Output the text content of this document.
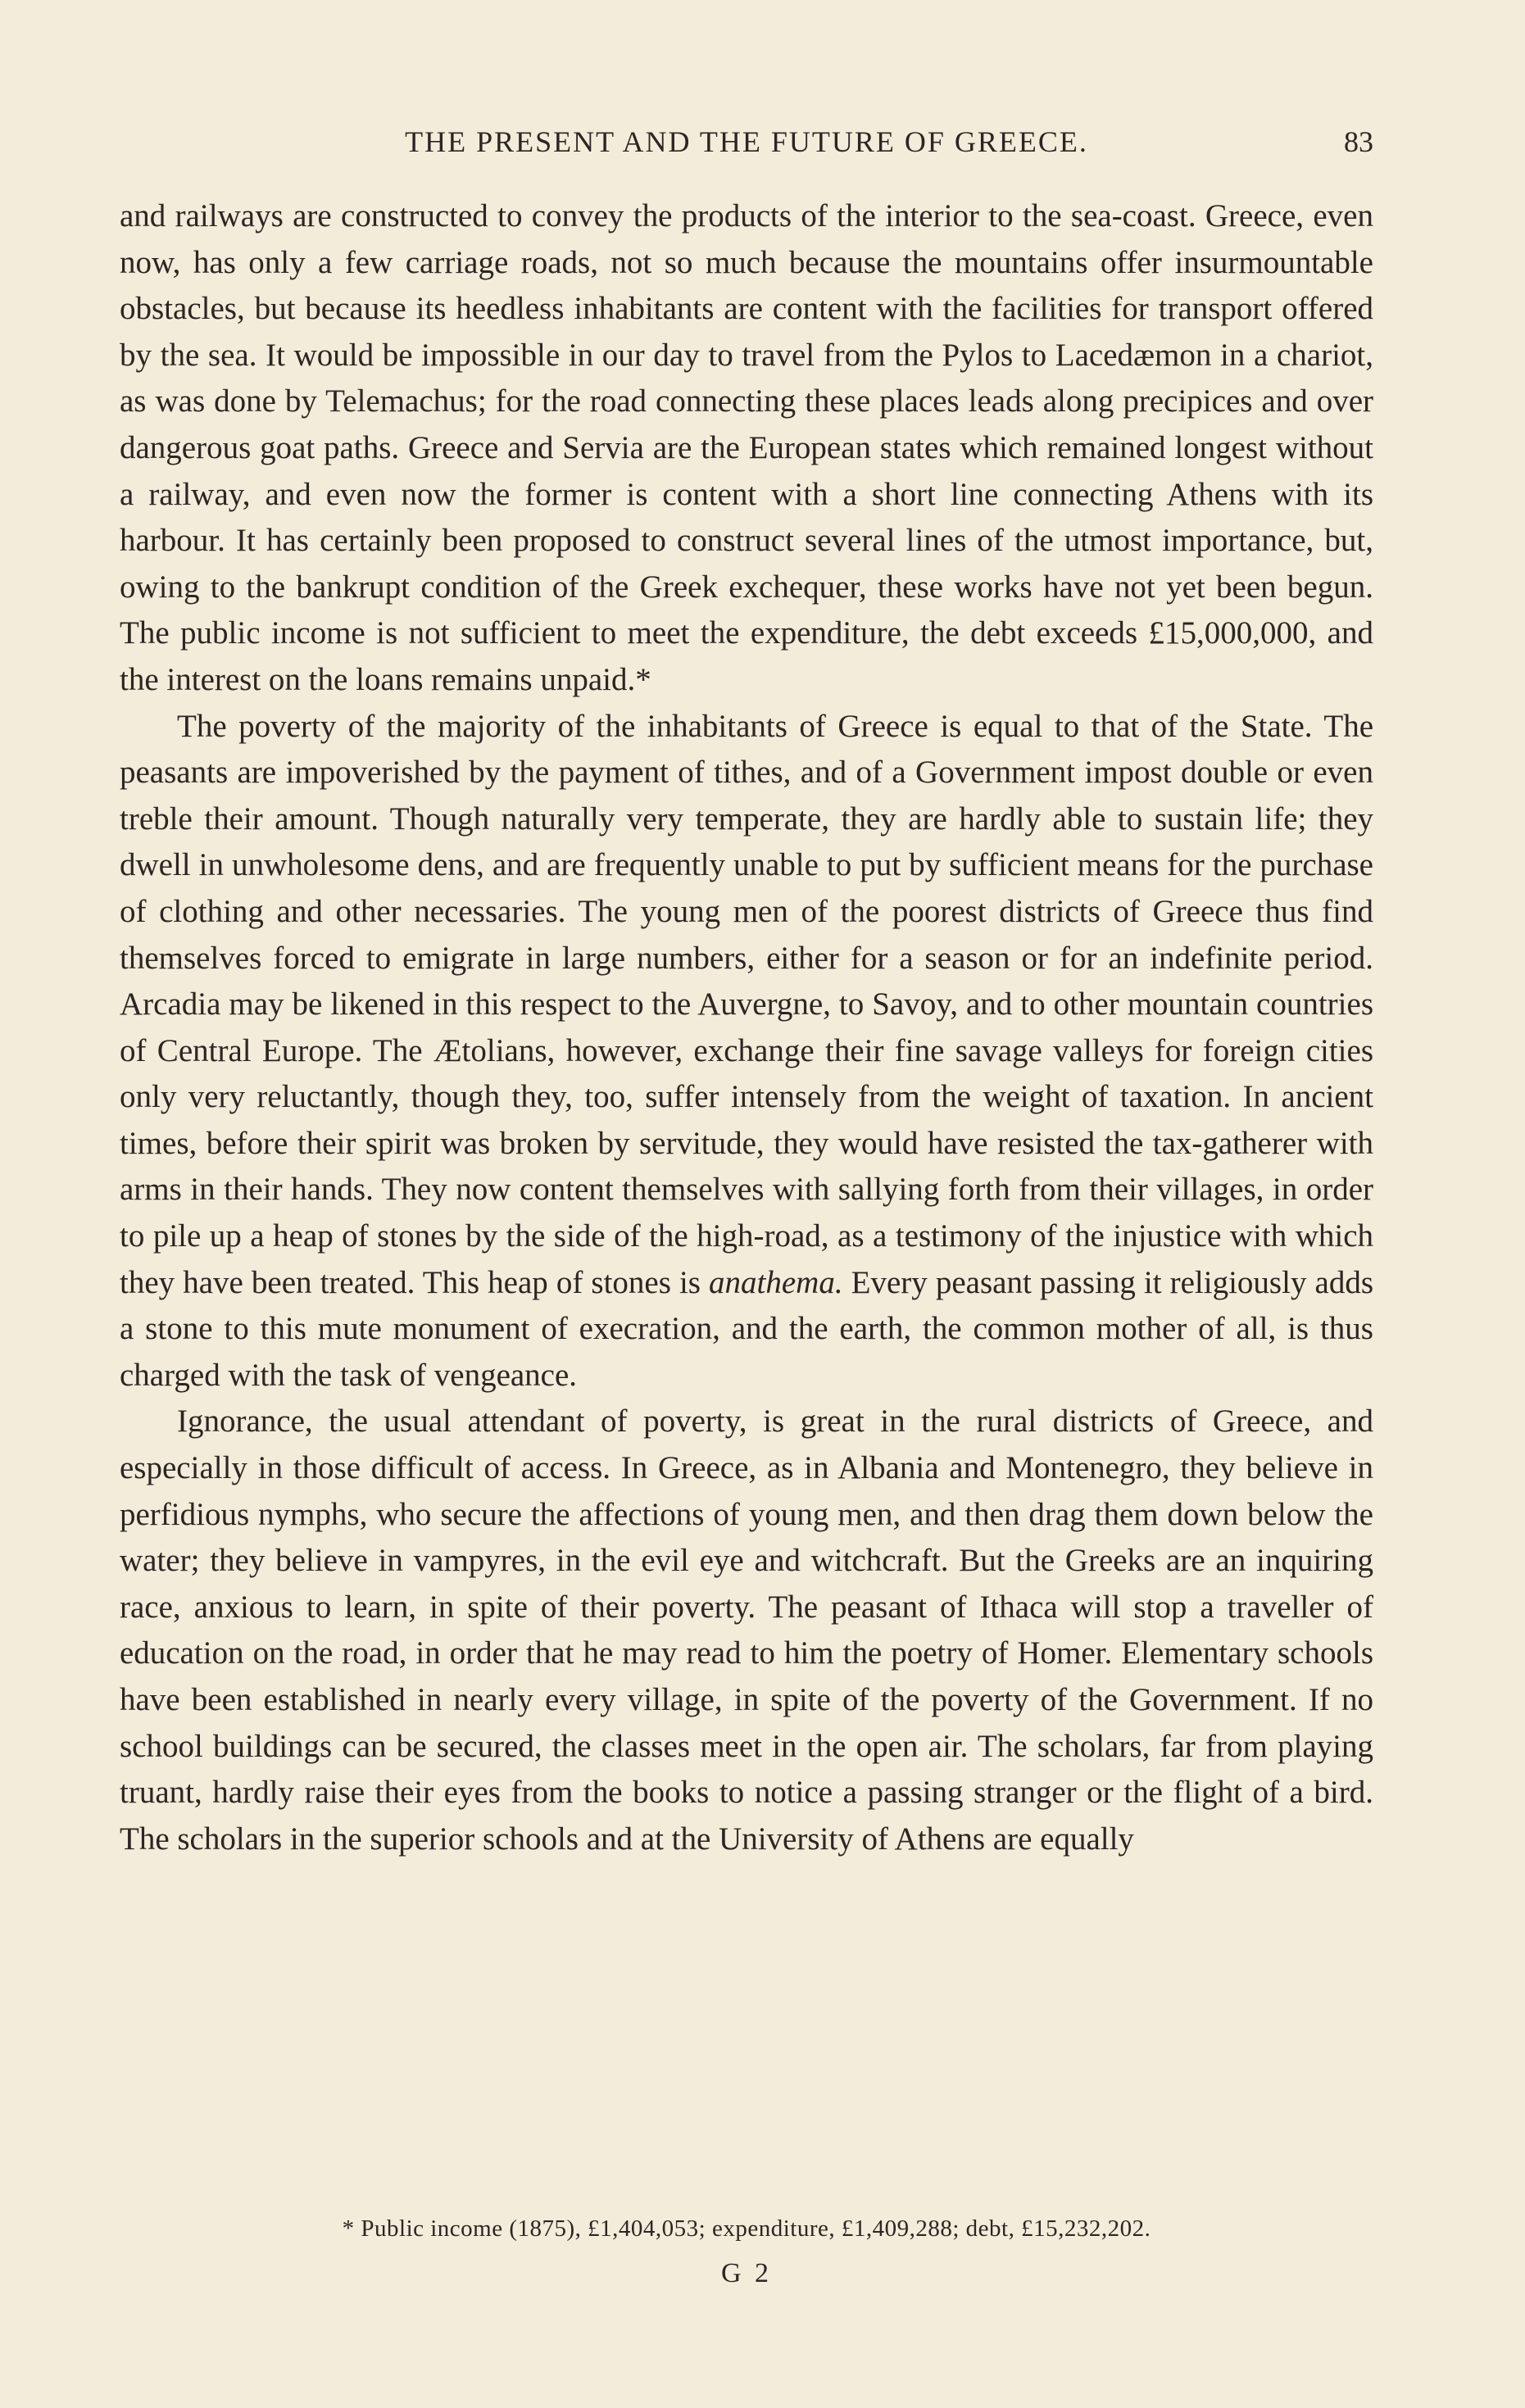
THE PRESENT AND THE FUTURE OF GREECE.	83

and railways are constructed to convey the products of the interior to the sea-coast. Greece, even now, has only a few carriage roads, not so much because the mountains offer insurmountable obstacles, but because its heedless inhabitants are content with the facilities for transport offered by the sea. It would be impossible in our day to travel from the Pylos to Lacedæmon in a chariot, as was done by Telemachus; for the road connecting these places leads along precipices and over dangerous goat paths. Greece and Servia are the European states which remained longest without a railway, and even now the former is content with a short line connecting Athens with its harbour. It has certainly been proposed to construct several lines of the utmost importance, but, owing to the bankrupt condition of the Greek exchequer, these works have not yet been begun. The public income is not sufficient to meet the expenditure, the debt exceeds £15,000,000, and the interest on the loans remains unpaid.*

The poverty of the majority of the inhabitants of Greece is equal to that of the State. The peasants are impoverished by the payment of tithes, and of a Government impost double or even treble their amount. Though naturally very temperate, they are hardly able to sustain life; they dwell in unwholesome dens, and are frequently unable to put by sufficient means for the purchase of clothing and other necessaries. The young men of the poorest districts of Greece thus find themselves forced to emigrate in large numbers, either for a season or for an indefinite period. Arcadia may be likened in this respect to the Auvergne, to Savoy, and to other mountain countries of Central Europe. The Ætolians, however, exchange their fine savage valleys for foreign cities only very reluctantly, though they, too, suffer intensely from the weight of taxation. In ancient times, before their spirit was broken by servitude, they would have resisted the tax-gatherer with arms in their hands. They now content themselves with sallying forth from their villages, in order to pile up a heap of stones by the side of the high-road, as a testimony of the injustice with which they have been treated. This heap of stones is anathema. Every peasant passing it religiously adds a stone to this mute monument of execration, and the earth, the common mother of all, is thus charged with the task of vengeance.

Ignorance, the usual attendant of poverty, is great in the rural districts of Greece, and especially in those difficult of access. In Greece, as in Albania and Montenegro, they believe in perfidious nymphs, who secure the affections of young men, and then drag them down below the water; they believe in vampyres, in the evil eye and witchcraft. But the Greeks are an inquiring race, anxious to learn, in spite of their poverty. The peasant of Ithaca will stop a traveller of education on the road, in order that he may read to him the poetry of Homer. Elementary schools have been established in nearly every village, in spite of the poverty of the Government. If no school buildings can be secured, the classes meet in the open air. The scholars, far from playing truant, hardly raise their eyes from the books to notice a passing stranger or the flight of a bird. The scholars in the superior schools and at the University of Athens are equally

* Public income (1875), £1,404,053; expenditure, £1,409,288; debt, £15,232,202.
G 2
